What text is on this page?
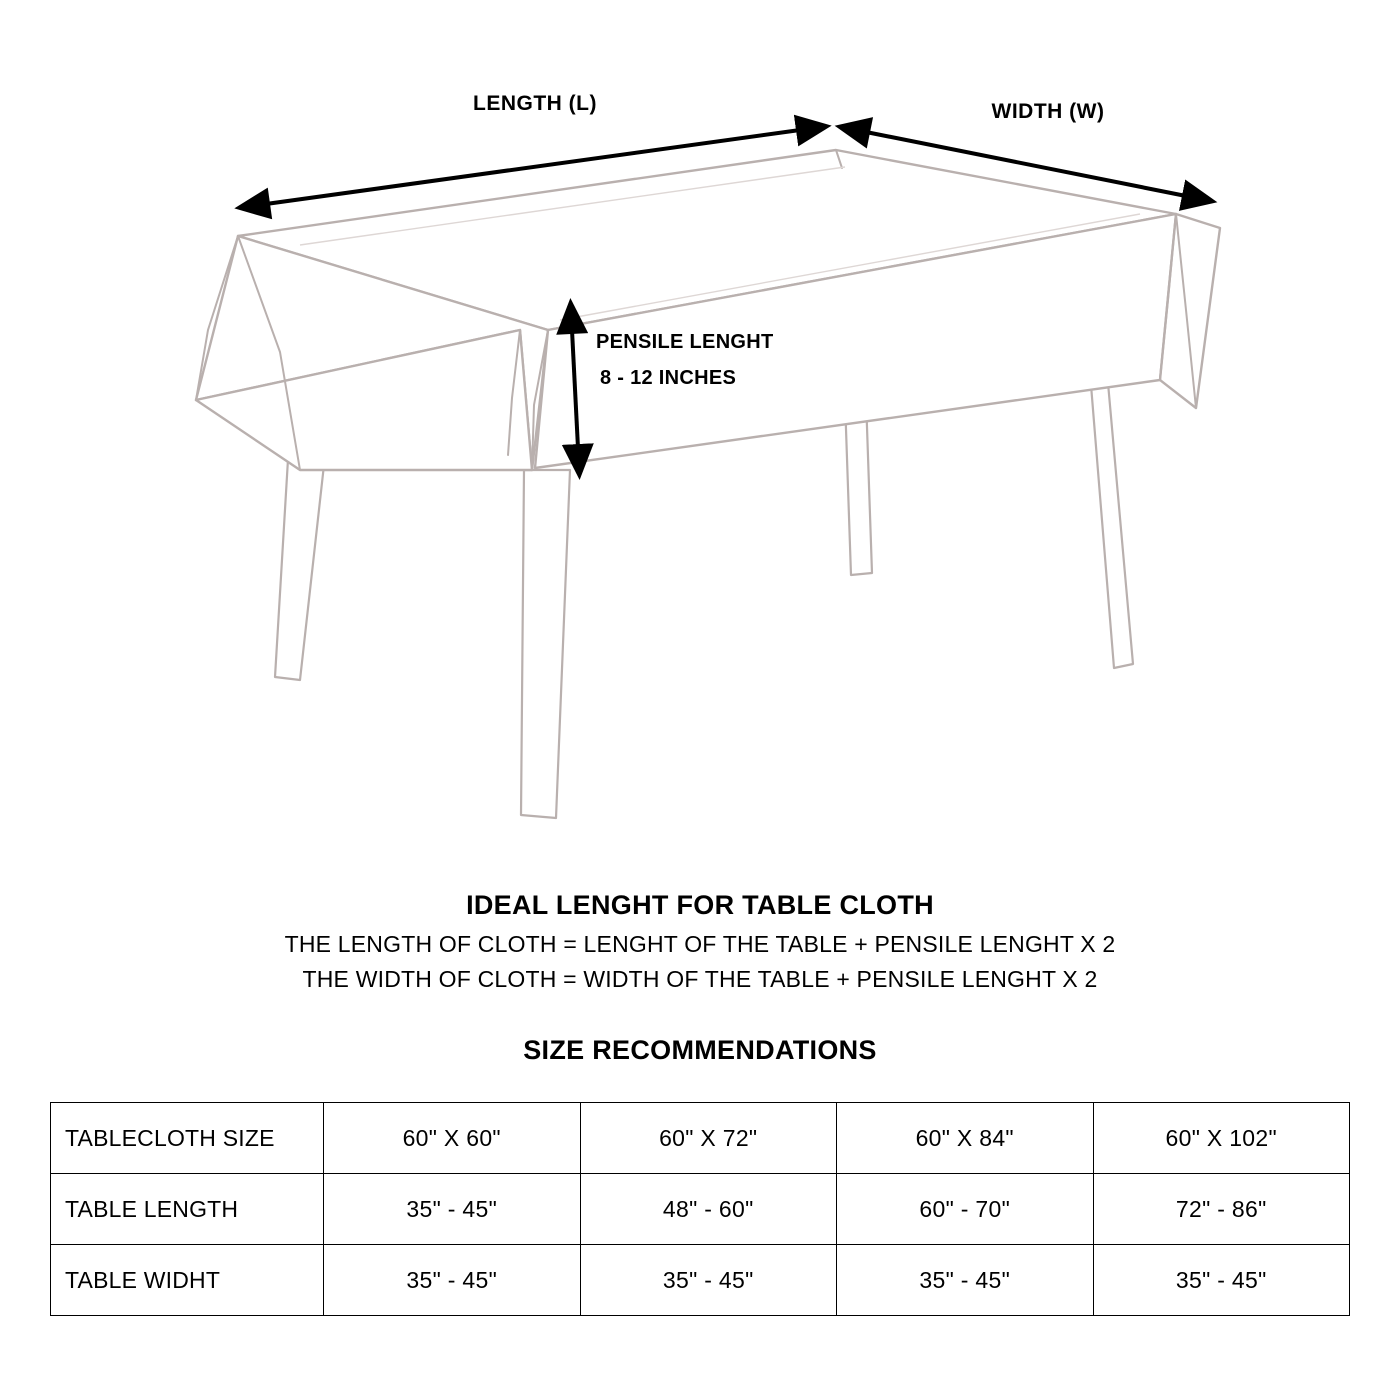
LENGTH (L)	WIDTH (W)
PENSILE LENGHT
8 - 12 INCHES
IDEAL LENGHT FOR TABLE CLOTH
THE LENGTH OF CLOTH = LENGHT OF THE TABLE + PENSILE LENGHT X 2
THE WIDTH OF CLOTH = WIDTH OF THE TABLE + PENSILE LENGHT X 2
SIZE RECOMMENDATIONS
TABLECLOTH SIZE	60" X 60"	60" X 72"	60" X 84"	60" X 102"
TABLE LENGTH	35" - 45"	48" - 60"	60" - 70"	72" - 86"
TABLE WIDHT	35" - 45"	35" - 45"	35" - 45"	35" - 45"
